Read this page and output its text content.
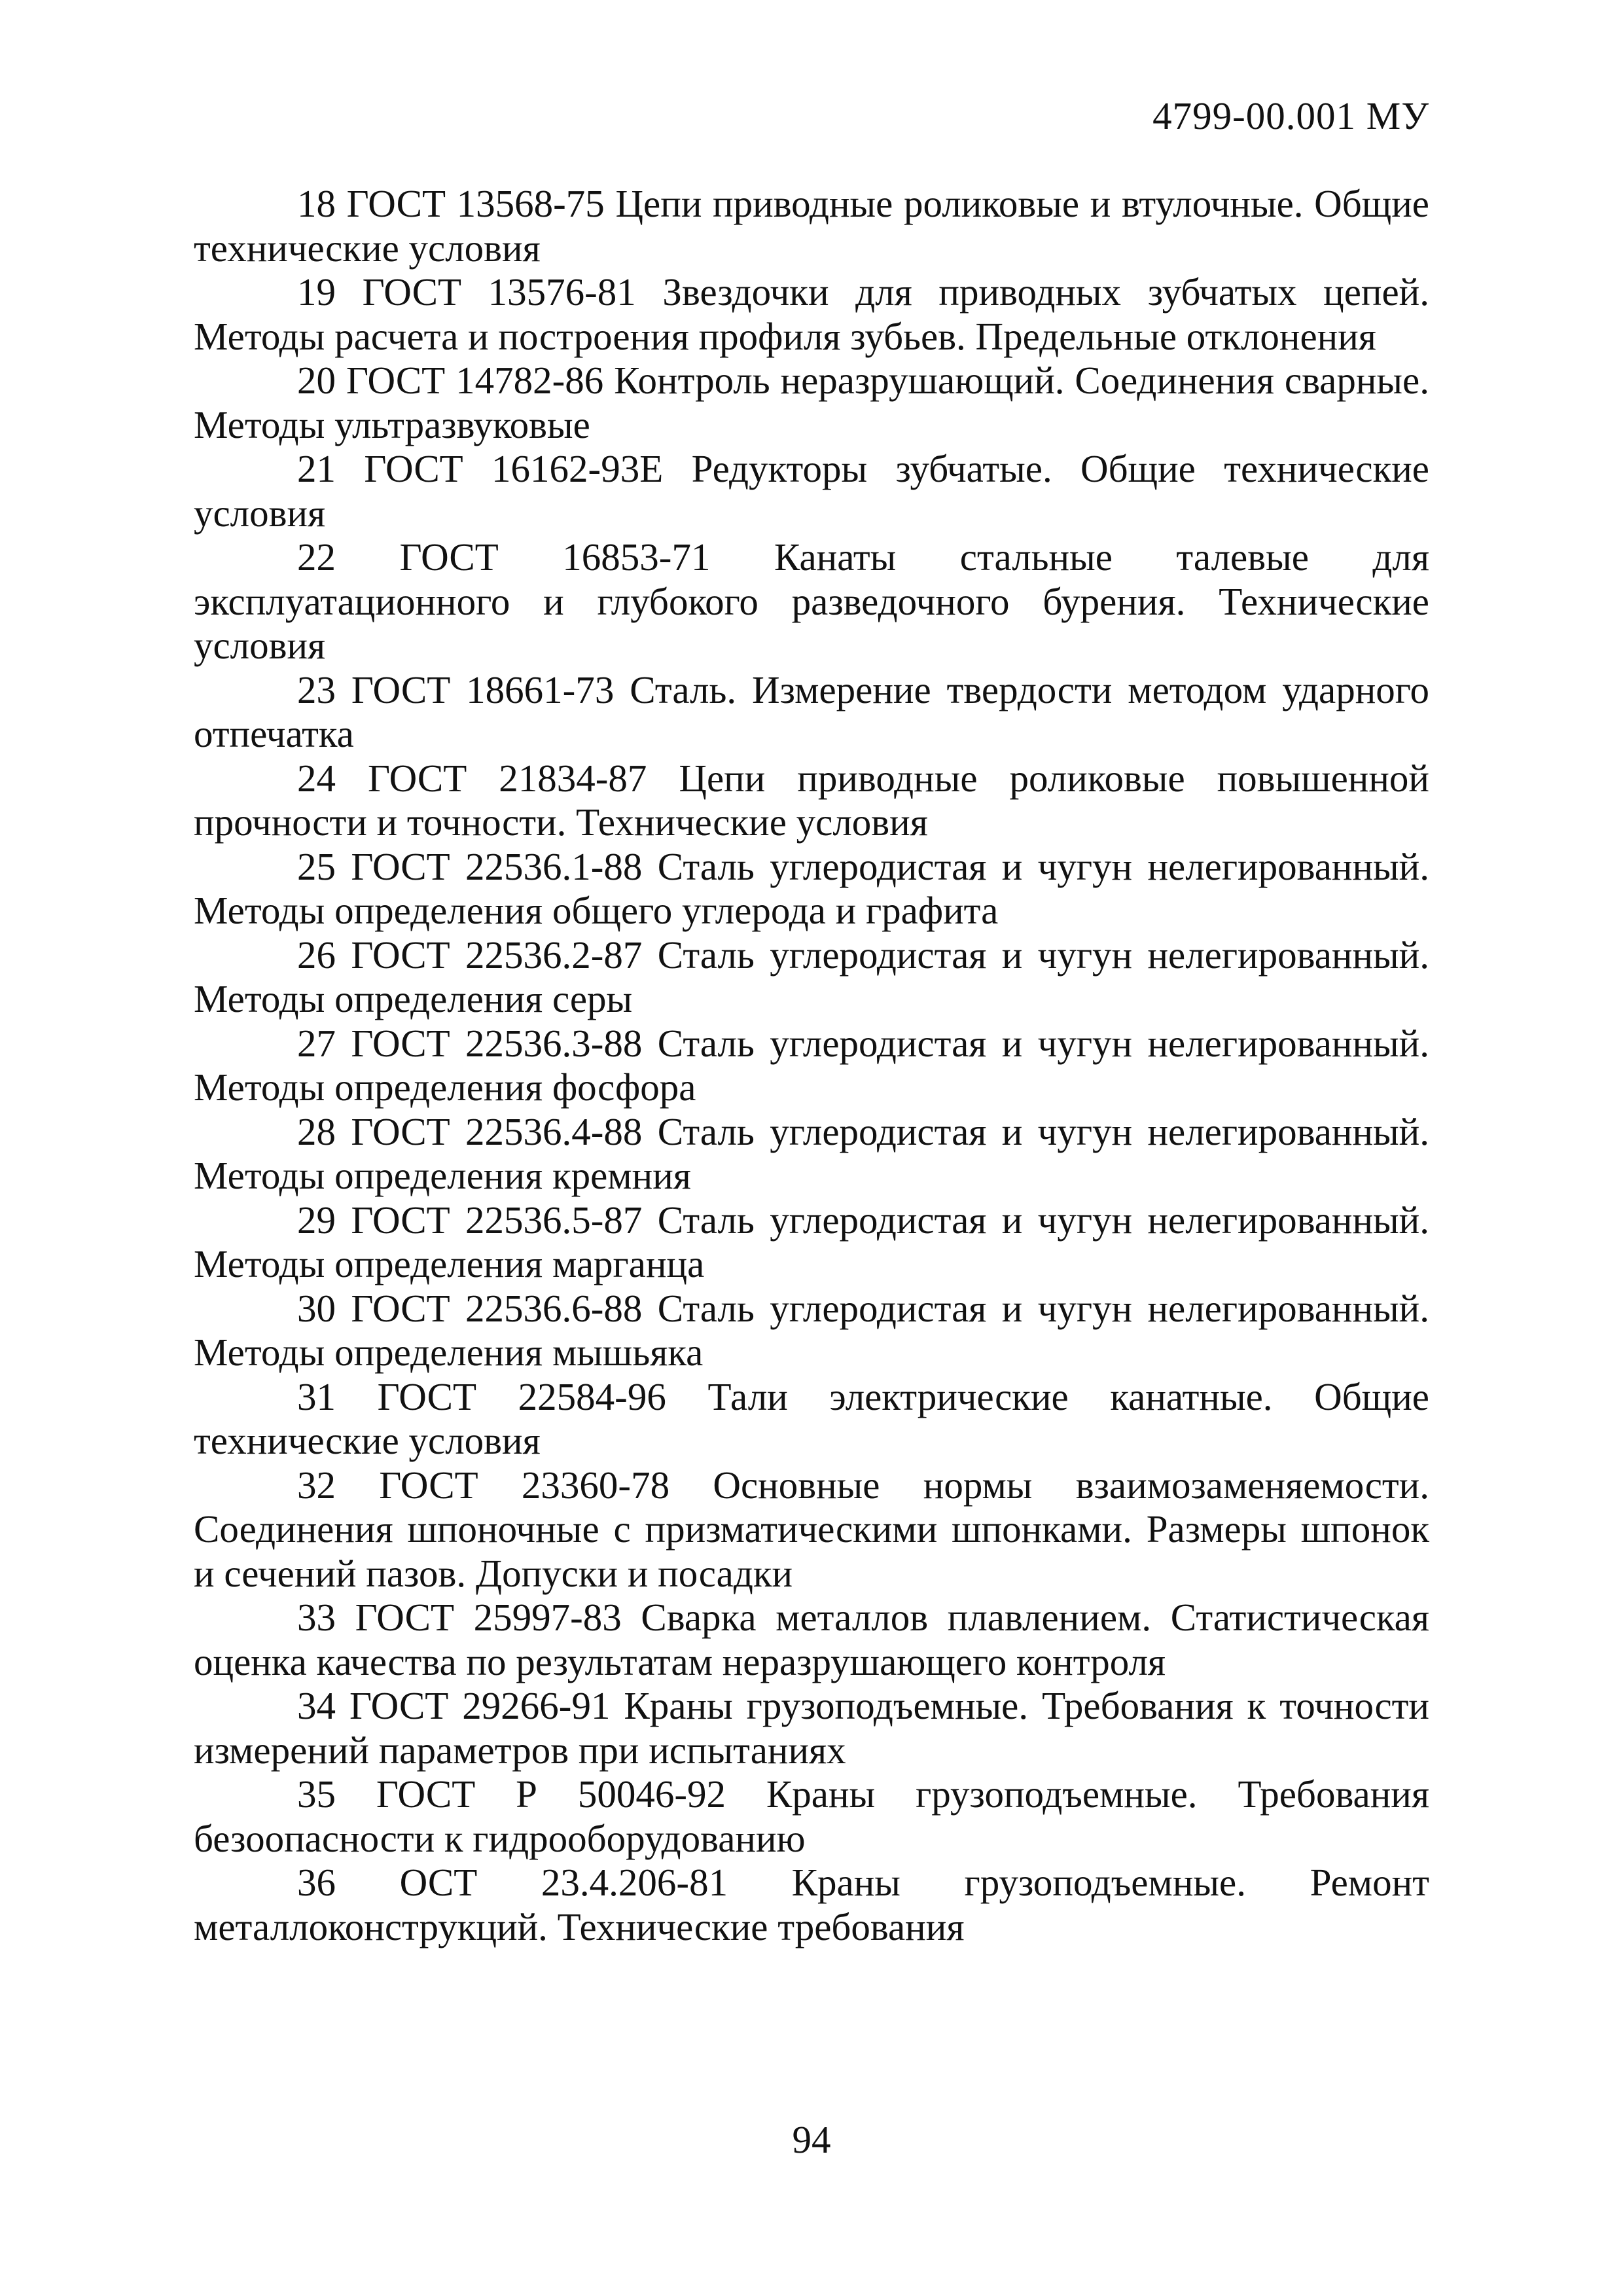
4799-00.001 МУ

18 ГОСТ 13568-75 Цепи приводные роликовые и втулочные. Общие технические условия

19 ГОСТ 13576-81 Звездочки для приводных зубчатых цепей. Методы расчета и построения профиля зубьев. Предельные отклонения

20 ГОСТ 14782-86 Контроль неразрушающий. Соединения сварные. Методы ультразвуковые

21 ГОСТ 16162-93Е Редукторы зубчатые. Общие технические условия

22 ГОСТ 16853-71 Канаты стальные талевые для эксплуатационного и глубокого разведочного бурения. Технические условия

23 ГОСТ 18661-73 Сталь. Измерение твердости методом ударного отпечатка

24 ГОСТ 21834-87 Цепи приводные роликовые повышенной прочности и точности. Технические условия

25 ГОСТ 22536.1-88 Сталь углеродистая и чугун нелегированный. Методы определения общего углерода и графита

26 ГОСТ 22536.2-87 Сталь углеродистая и чугун нелегированный. Методы определения серы

27 ГОСТ 22536.3-88 Сталь углеродистая и чугун нелегированный. Методы определения фосфора

28 ГОСТ 22536.4-88 Сталь углеродистая и чугун нелегированный. Методы определения кремния

29 ГОСТ 22536.5-87 Сталь углеродистая и чугун нелегированный. Методы определения марганца

30 ГОСТ 22536.6-88 Сталь углеродистая и чугун нелегированный. Методы определения мышьяка

31 ГОСТ 22584-96 Тали электрические канатные. Общие технические условия

32 ГОСТ 23360-78 Основные нормы взаимозаменяемости. Соединения шпоночные с призматическими шпонками. Размеры шпонок и сечений пазов. Допуски и посадки

33 ГОСТ 25997-83 Сварка металлов плавлением. Статистическая оценка качества по результатам неразрушающего контроля

34 ГОСТ 29266-91 Краны грузоподъемные. Требования к точности измерений параметров при испытаниях

35 ГОСТ Р 50046-92 Краны грузоподъемные. Требования безоопасности к гидрооборудованию

36 ОСТ 23.4.206-81 Краны грузоподъемные. Ремонт металлоконструкций. Технические требования

94
